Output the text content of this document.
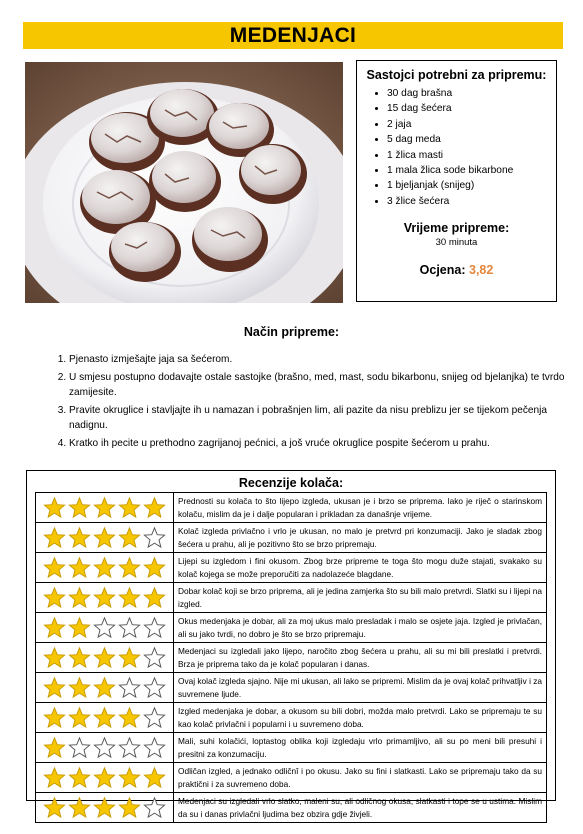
MEDENJACI
Sastojci potrebni za pripremu:
• 30 dag brašna
• 15 dag šećera
• 2 jaja
• 5 dag meda
• 1 žlica masti
• 1 mala žlica sode bikarbone
• 1 bjeljanjak (snijeg)
• 3 žlice šećera
Vrijeme pripreme:
30 minuta
Ocjena: 3,82
Način pripreme:
1. Pjenasto izmješajte jaja sa šećerom.
2. U smjesu postupno dodavajte ostale sastojke (brašno, med, mast, sodu bikarbonu, snijeg od bjelanjka) te tvrdo zamijesite.
3. Pravite okruglice i stavljajte ih u namazan i pobrašnjen lim, ali pazite da nisu preblizu jer se tijekom pečenja nadignu.
4. Kratko ih pecite u prethodno zagrijanoj pećnici, a još vruće okruglice pospite šećerom u prahu.
Recenzije kolača:
	Prednosti su kolača to što lijepo izgleda, ukusan je i brzo se priprema. lako je riječ o starinskom kolaču, mislim da je i dalje popularan i prikladan za današnje vrijeme.
	Kolač izgleda privlačno i vrlo je ukusan, no malo je pretvrd pri konzumaciji. Jako je sladak zbog šećera u prahu, ali je pozitivno što se brzo pripremaju.
	Lijepi su izgledom i fini okusom. Zbog brze pripreme te toga što mogu duže stajati, svakako su kolač kojega se može preporučiti za nadolazeće blagdane.
	Dobar kolač koji se brzo priprema, ali je jedina zamjerka što su bili malo pretvrdi. Slatki su i lijepi na izgled.
	Okus medenjaka je dobar, ali za moj ukus malo presladak i malo se osjete jaja. Izgled je privlačan, ali su jako tvrdi, no dobro je što se brzo pripremaju.
	Medenjaci su izgledali jako lijepo, naročito zbog šećera u prahu, ali su mi bili preslatki i pretvrdi. Brza je priprema tako da je kolač popularan i danas.
	Ovaj kolač izgleda sjajno. Nije mi ukusan, ali lako se pripremi. Mislim da je ovaj kolač prihvatljiv i za suvremene ljude.
	Izgled medenjaka je dobar, a okusom su bili dobri, možda malo pretvrdi. Lako se pripremaju te su kao kolač privlačni i popularni i u suvremeno doba.
	Mali, suhi kolačići, loptastog oblika koji izgledaju vrlo primamljivo, ali su po meni bili presuhi i presitni za konzumaciju.
	Odličan izgled, a jednako odličnî i po okusu. Jako su fini i slatkasti. Lako se pripremaju tako da su praktični i za suvremeno doba.
	Medenjaci su izgledali vrlo slatko, maleni su, ali odličnog okusa, slatkasti i tope se u ustima. Mislim da su i danas privlačni ljudima bez obzira gdje živjeli.
